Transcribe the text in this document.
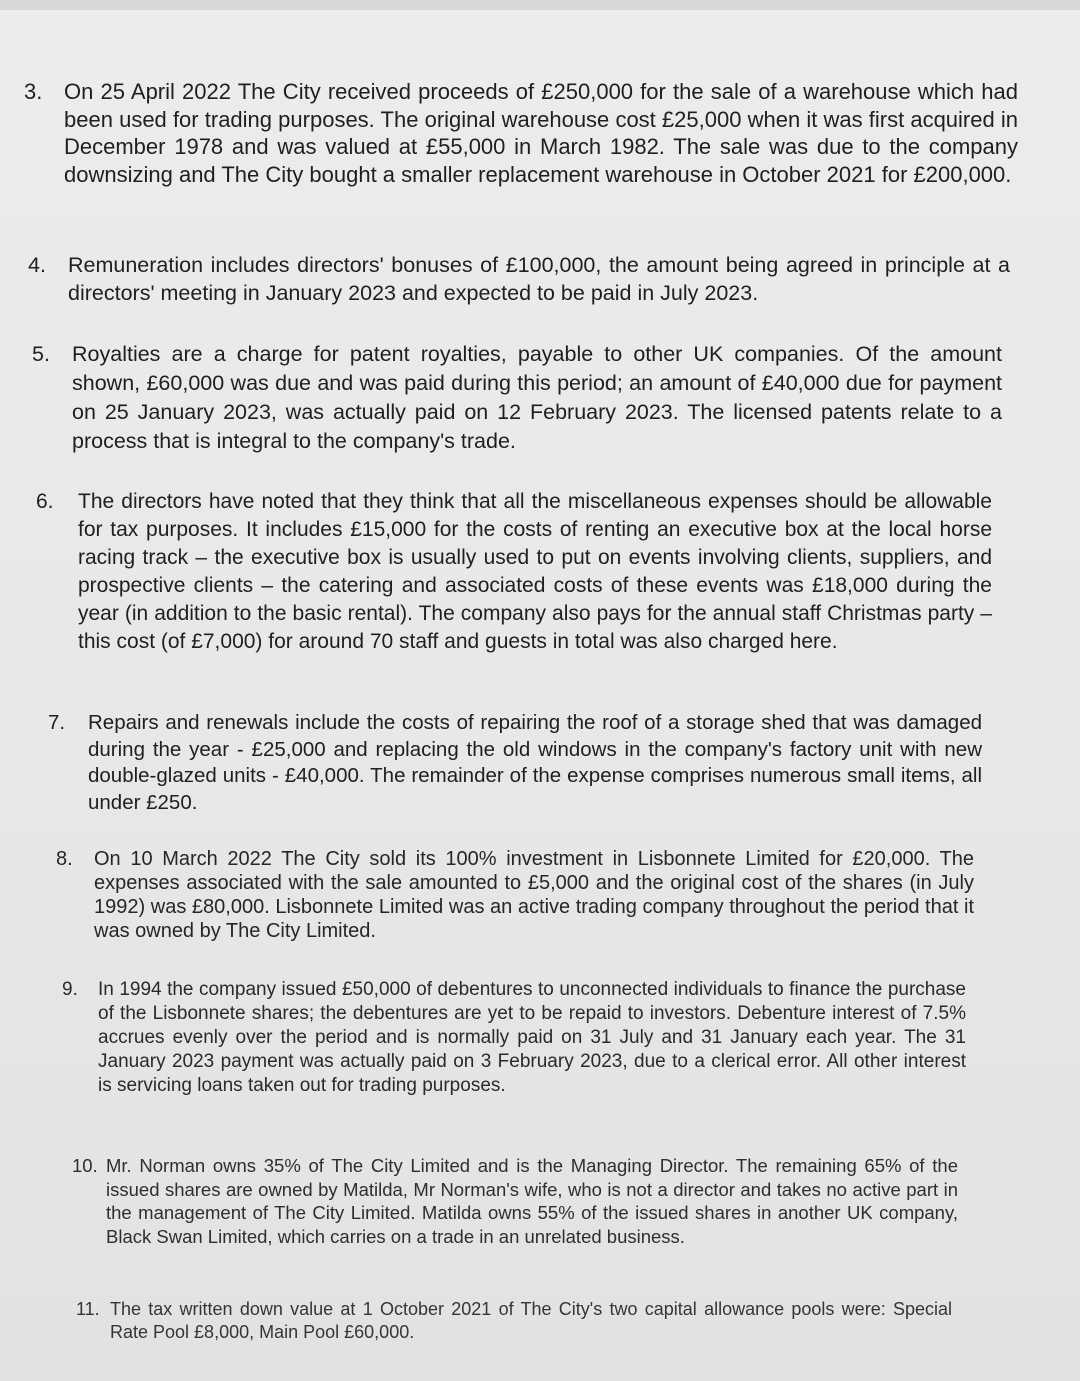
3. On 25 April 2022 The City received proceeds of £250,000 for the sale of a warehouse which had been used for trading purposes. The original warehouse cost £25,000 when it was first acquired in December 1978 and was valued at £55,000 in March 1982. The sale was due to the company downsizing and The City bought a smaller replacement warehouse in October 2021 for £200,000.
4.	Remuneration includes directors' bonuses of £100,000, the amount being agreed in principle at a directors' meeting in January 2023 and expected to be paid in July 2023.
5.	Royalties are a charge for patent royalties, payable to other UK companies. Of the amount shown, £60,000 was due and was paid during this period; an amount of £40,000 due for payment on 25 January 2023, was actually paid on 12 February 2023. The licensed patents relate to a process that is integral to the company's trade.
6.	The directors have noted that they think that all the miscellaneous expenses should be allowable for tax purposes. It includes £15,000 for the costs of renting an executive box at the local horse racing track – the executive box is usually used to put on events involving clients, suppliers, and prospective clients – the catering and associated costs of these events was £18,000 during the year (in addition to the basic rental). The company also pays for the annual staff Christmas party – this cost (of £7,000) for around 70 staff and guests in total was also charged here.
7.	Repairs and renewals include the costs of repairing the roof of a storage shed that was damaged during the year - £25,000 and replacing the old windows in the company's factory unit with new double-glazed units - £40,000. The remainder of the expense comprises numerous small items, all under £250.
8.	On 10 March 2022 The City sold its 100% investment in Lisbonnete Limited for £20,000. The expenses associated with the sale amounted to £5,000 and the original cost of the shares (in July 1992) was £80,000. Lisbonnete Limited was an active trading company throughout the period that it was owned by The City Limited.
9.	In 1994 the company issued £50,000 of debentures to unconnected individuals to finance the purchase of the Lisbonnete shares; the debentures are yet to be repaid to investors. Debenture interest of 7.5% accrues evenly over the period and is normally paid on 31 July and 31 January each year. The 31 January 2023 payment was actually paid on 3 February 2023, due to a clerical error. All other interest is servicing loans taken out for trading purposes.
10. Mr. Norman owns 35% of The City Limited and is the Managing Director. The remaining 65% of the issued shares are owned by Matilda, Mr Norman's wife, who is not a director and takes no active part in the management of The City Limited. Matilda owns 55% of the issued shares in another UK company, Black Swan Limited, which carries on a trade in an unrelated business.
11. The tax written down value at 1 October 2021 of The City's two capital allowance pools were: Special Rate Pool £8,000, Main Pool £60,000.
